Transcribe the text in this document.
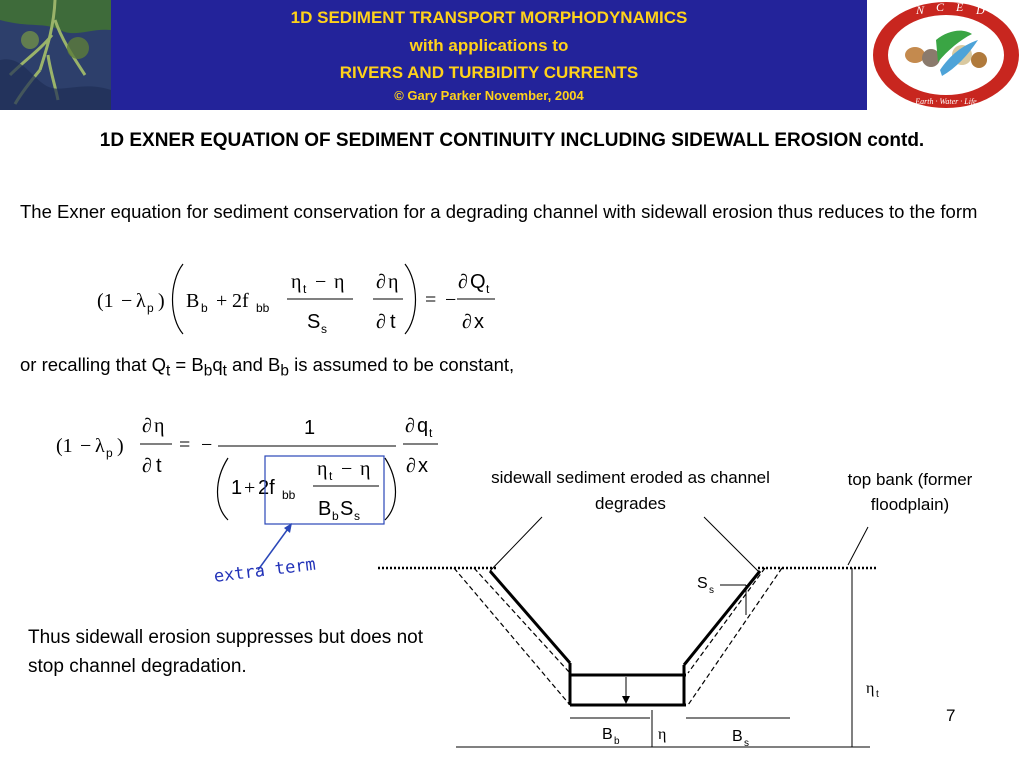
1D SEDIMENT TRANSPORT MORPHODYNAMICS
with applications to
RIVERS AND TURBIDITY CURRENTS
© Gary Parker November, 2004
N C E D
Earth · Water · Life
1D EXNER EQUATION OF SEDIMENT CONTINUITY INCLUDING SIDEWALL EROSION contd.
The Exner equation for sediment conservation for a degrading channel with sidewall erosion thus reduces to the form
(1 − λ p ) B b + 2f bb
η t − η
S s
∂ η
∂ t
= −
∂ Q t
∂ x
or recalling that $Q_t = B_bq_t$ and $B_b$ is assumed to be constant,
(1 − λ p )
∂ η
∂ t
= −
1
1 + 2f bb
η t − η
B b S s
∂ q t
∂ x
extra term
Thus sidewall erosion suppresses but does not stop channel degradation.
sidewall sediment eroded as channel degrades
top bank (former floodplain)
S s
η t
B b η	B s
7
